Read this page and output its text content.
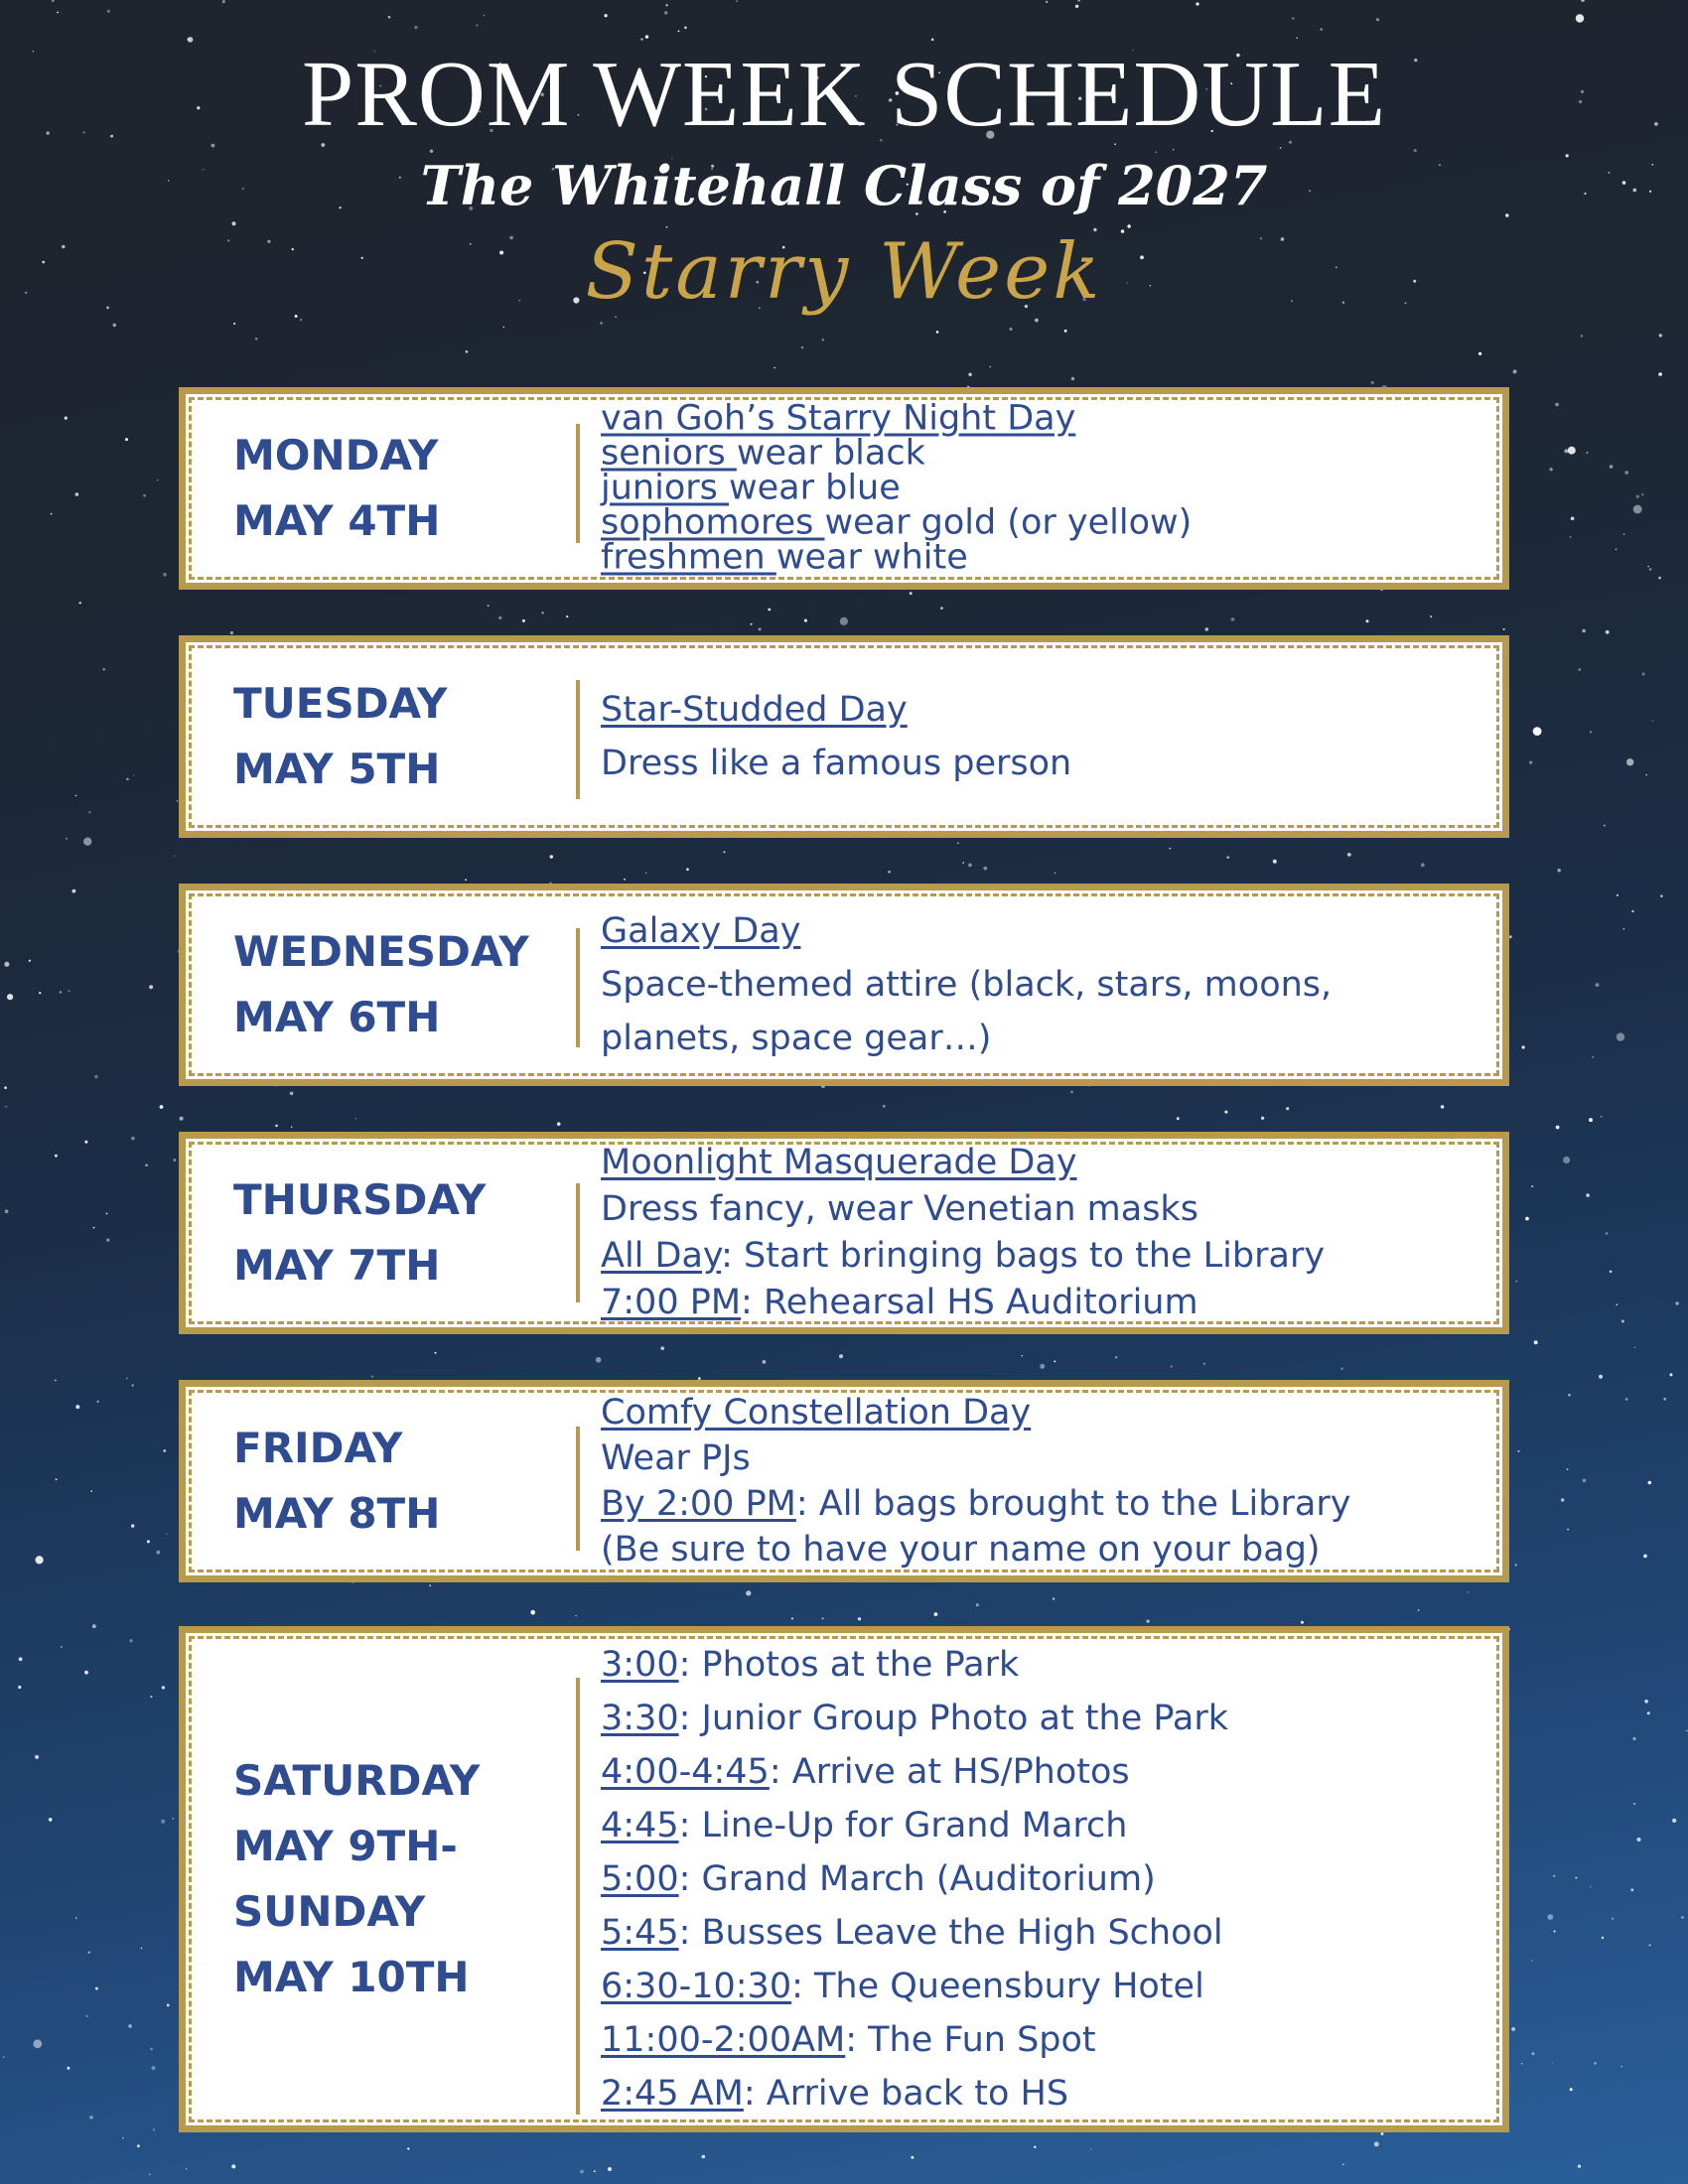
PROM WEEK SCHEDULE
The Whitehall Class of 2027
Starry Week
MONDAY
MAY 4TH
van Goh’s Starry Night Day
seniors wear black
juniors wear blue
sophomores wear gold (or yellow)
freshmen wear white
TUESDAY
MAY 5TH
Star-Studded Day
Dress like a famous person
WEDNESDAY
MAY 6TH
Galaxy Day
Space-themed attire (black, stars, moons,
planets, space gear…)
THURSDAY
MAY 7TH
Moonlight Masquerade Day
Dress fancy, wear Venetian masks
All Day: Start bringing bags to the Library
7:00 PM: Rehearsal HS Auditorium
FRIDAY
MAY 8TH
Comfy Constellation Day
Wear PJs
By 2:00 PM: All bags brought to the Library
(Be sure to have your name on your bag)
SATURDAY
MAY 9TH-
SUNDAY
MAY 10TH
3:00: Photos at the Park
3:30: Junior Group Photo at the Park
4:00-4:45: Arrive at HS/Photos
4:45: Line-Up for Grand March
5:00: Grand March (Auditorium)
5:45: Busses Leave the High School
6:30-10:30: The Queensbury Hotel
11:00-2:00AM: The Fun Spot
2:45 AM: Arrive back to HS
